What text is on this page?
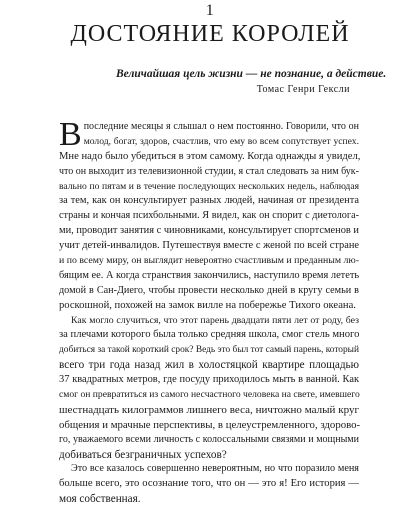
1
ДОСТОЯНИЕ КОРОЛЕЙ
Величайшая цель жизни — не познание, а действие.
Томас Генри Гексли
В последние месяцы я слышал о нем постоянно. Говорили, что он
молод, богат, здоров, счастлив, что ему во всем сопутствует успех.
Мне надо было убедиться в этом самому. Когда однажды я увидел,
что он выходит из телевизионной студии, я стал следовать за ним бук-
вально по пятам и в течение последующих нескольких недель, наблюдая
за тем, как он консультирует разных людей, начиная от президента
страны и кончая психбольными. Я видел, как он спорит с диетолога-
ми, проводит занятия с чиновниками, консультирует спортсменов и
учит детей-инвалидов. Путешествуя вместе с женой по всей стране
и по всему миру, он выглядит невероятно счастливым и преданным лю-
бящим ее. А когда странствия закончились, наступило время лететь
домой в Сан-Диего, чтобы провести несколько дней в кругу семьи в
роскошной, похожей на замок вилле на побережье Тихого океана.
Как могло случиться, что этот парень двадцати пяти лет от роду, без
за плечами которого была только средняя школа, смог стель много
добиться за такой короткий срок? Ведь это был тот самый парень, который
всего три года назад жил в холостяцкой квартире площадью
37 квадратных метров, где посуду приходилось мыть в ванной. Как
смог он превратиться из самого несчастного человека на свете, имевшего
шестнадцать килограммов лишнего веса, ничтожно малый круг
общения и мрачные перспективы, в целеустремленного, здорово-
го, уважаемого всеми личность с колоссальными связями и мощными
добиваться безграничных успехов?
Это все казалось совершенно невероятным, но что поразило меня
больше всего, это осознание того, что он — это я! Его история —
моя собственная.
